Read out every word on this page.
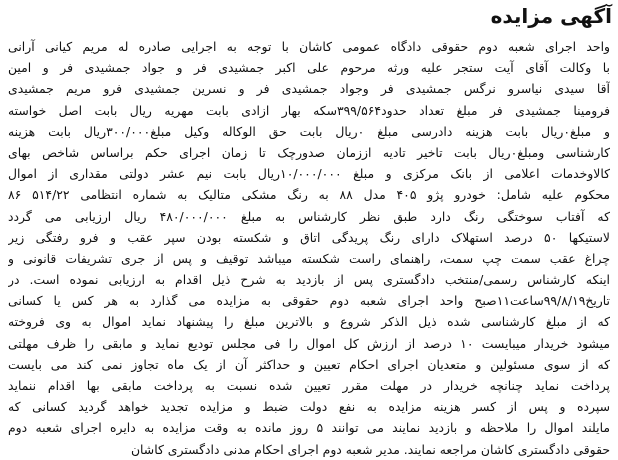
آگهی مزایده
واحد اجرای شعبه دوم حقوقی دادگاه عمومی کاشان با توجه به اجرایی صادره له مریم کیانی آرانی
با وکالت آقای آیت ستجر علیه ورثه مرحوم علی اکبر جمشیدی فر و جواد جمشیدی فر و امین
آقا سیدی نیاسرو نرگس جمشیدی فر وجواد جمشیدی فر و نسرین جمشیدی فرو مریم جمشیدی
فرومینا جمشیدی فر مبلغ تعداد حدود۳۹۹/۵۶۴سکه بهار ازادی بابت مهریه ریال بابت اصل خواسته
و مبلغ۰ریال بابت هزینه دادرسی مبلغ ۰ریال بابت حق الوکاله وکیل مبلغ۳۰۰/۰۰۰ریال بابت هزینه
کارشناسی ومبلغ۰ریال بابت تاخیر تادیه ازز‌مان صدورچک تا زمان اجرای حکم براساس شاخص بهای
کالاوخدمات اعلامی از بانک مرکزی و مبلغ ۱۰/۰۰۰/۰۰۰ریال بابت نیم عشر دولتی مقداری از اموال
محکوم علیه شامل: خودرو پژو ۴۰۵ مدل ۸۸ به رنگ مشکی متالیک به شماره انتظامی ۵۱۴/۲۲ ۸۶
که آفتاب سوختگی رنگ دارد طبق نظر کارشناس به مبلغ ۴۸۰/۰۰۰/۰۰۰ ریال ارزیابی می گردد
لاستیکها ۵۰ درصد استهلاک دارای رنگ پریدگی اتاق و شکسته بودن سپر عقب و فرو رفتگی زیر
چراغ عقب سمت چپ سمت، راهنمای راست شکسته میباشد توقیف و پس از جری تشریفات قانونی و
اینکه کارشناس رسمی/منتخب دادگستری پس از بازدید به شرح ذیل اقدام به ارزیابی نموده است. در
تاریخ۹۹/۸/۱۹ساعت۱۱صبح واحد اجرای شعبه دوم حقوقی به مزایده می گذارد به هر کس یا کسانی
که از مبلغ کارشناسی شده ذیل الذکر شروع و بالاترین مبلغ را پیشنهاد نماید اموال به وی فروخته
میشود خریدار میبایست ۱۰ درصد از ارزش کل اموال را فی مجلس تودیع نماید و مابقی را ظرف مهلتی
که از سوی مسئولین و متعدیان اجرای احکام تعیین و حداکثر آن از یک ماه تجاوز نمی کند می بایست
پرداخت نماید چنانچه خریدار در مهلت مقرر تعیین شده نسبت به پرداخت مابقی بها اقدام ننماید
سپرده و پس از کسر هزینه مزایده به نفع دولت ضبط و مزایده تجدید خواهد گردید کسانی که
مایلند اموال را ملاحظه و بازدید نمایند می توانند ۵ روز مانده به وقت مزایده به دایره اجرای شعبه دوم
حقوقی دادگستری کاشان مراجعه نمایند. مدیر شعبه دوم اجرای احکام مدنی دادگستری کاشان
